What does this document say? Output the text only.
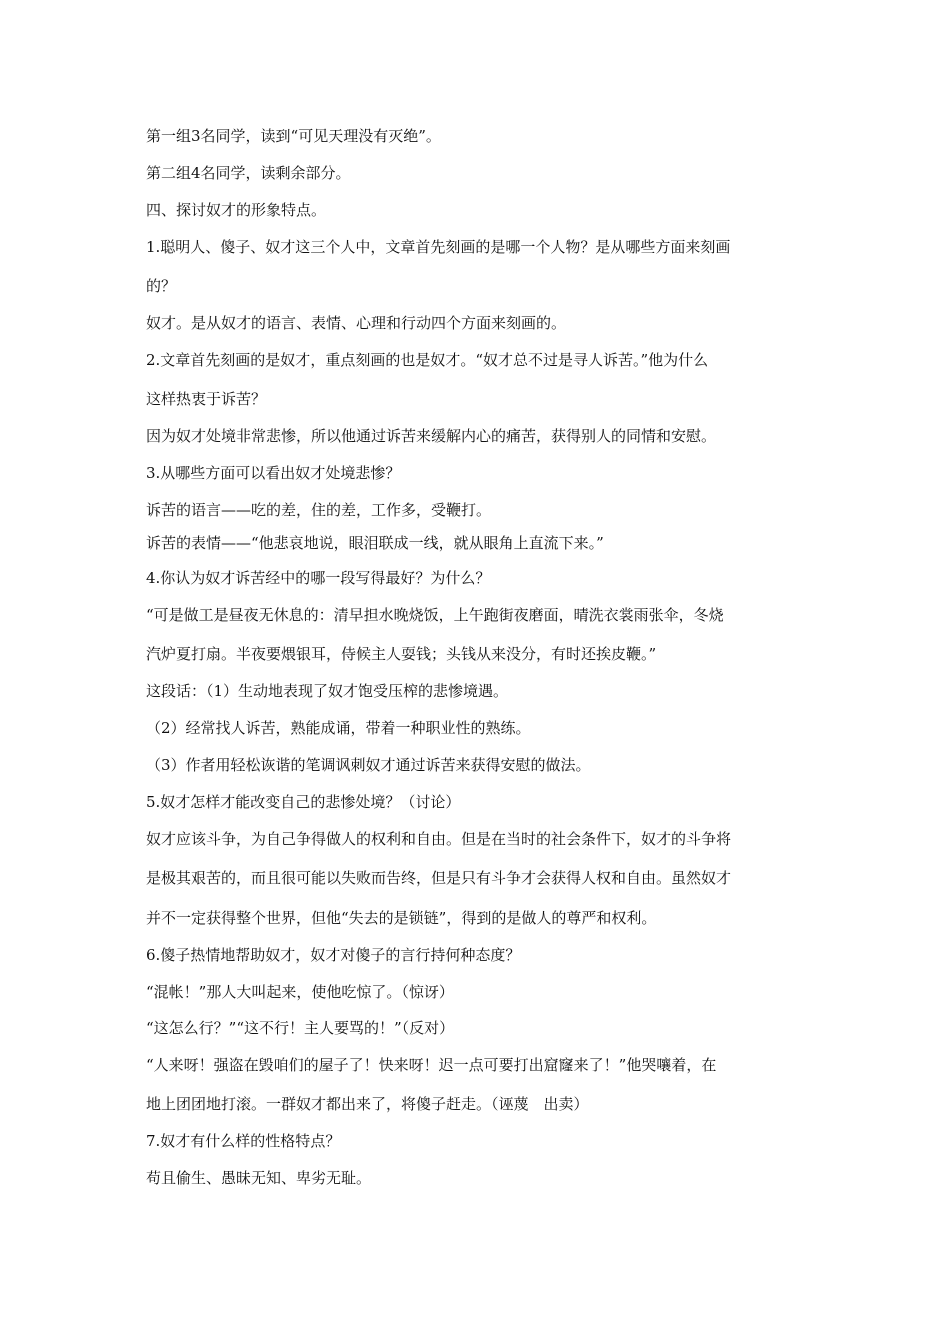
第一组3名同学，读到“可见天理没有灭绝”。
第二组4名同学，读剩余部分。
四、探讨奴才的形象特点。
1.聪明人、傻子、奴才这三个人中，文章首先刻画的是哪一个人物？是从哪些方面来刻画
的？
奴才。是从奴才的语言、表情、心理和行动四个方面来刻画的。
2.文章首先刻画的是奴才，重点刻画的也是奴才。“奴才总不过是寻人诉苦。”他为什么
这样热衷于诉苦？
因为奴才处境非常悲惨，所以他通过诉苦来缓解内心的痛苦，获得别人的同情和安慰。
3.从哪些方面可以看出奴才处境悲惨？
诉苦的语言——吃的差，住的差，工作多，受鞭打。
诉苦的表情——“他悲哀地说，眼泪联成一线，就从眼角上直流下来。”
4.你认为奴才诉苦经中的哪一段写得最好？为什么？
“可是做工是昼夜无休息的：清早担水晚烧饭，上午跑街夜磨面，晴洗衣裳雨张伞，冬烧
汽炉夏打扇。半夜要煨银耳，侍候主人耍钱；头钱从来没分，有时还挨皮鞭。”
这段话：（1）生动地表现了奴才饱受压榨的悲惨境遇。
（2）经常找人诉苦，熟能成诵，带着一种职业性的熟练。
（3）作者用轻松诙谐的笔调讽刺奴才通过诉苦来获得安慰的做法。
5.奴才怎样才能改变自己的悲惨处境？（讨论）
奴才应该斗争，为自己争得做人的权利和自由。但是在当时的社会条件下，奴才的斗争将
是极其艰苦的，而且很可能以失败而告终，但是只有斗争才会获得人权和自由。虽然奴才
并不一定获得整个世界，但他“失去的是锁链”，得到的是做人的尊严和权利。
6.傻子热情地帮助奴才，奴才对傻子的言行持何种态度？
“混帐！”那人大叫起来，使他吃惊了。（惊讶）
“这怎么行？”“这不行！主人要骂的！”（反对）
“人来呀！强盗在毁咱们的屋子了！快来呀！迟一点可要打出窟窿来了！”他哭嚷着，在
地上团团地打滚。一群奴才都出来了，将傻子赶走。（诬蔑　出卖）
7.奴才有什么样的性格特点？
苟且偷生、愚昧无知、卑劣无耻。
